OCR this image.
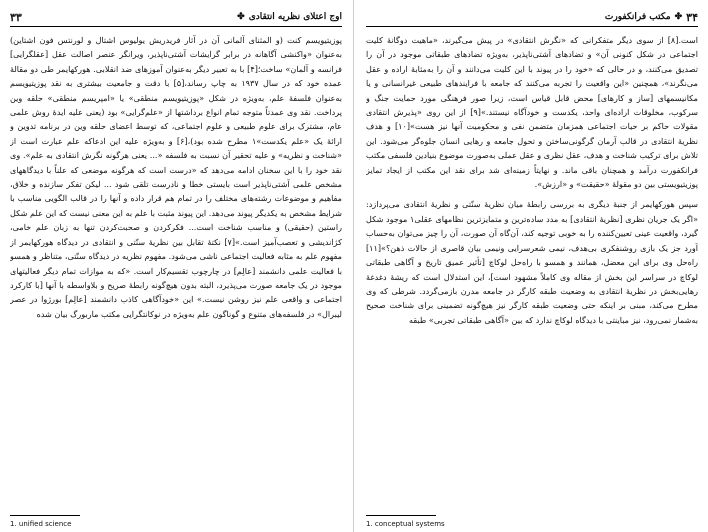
اوج اعتلای نظریه انتقادی
✤
۳۳

پوزیتیویسم کنت (و المثنای آلمانی آن در آثار فریدریش یولیوس اشتال و لورنتس فون اشتاین) به‌عنوان «واکنشی آگاهانه در برابر گرایشات آشتی‌ناپذیر، ویرانگر عنصر اصالت عقل [عقلگرایی] فرانسه و آلمان» ساخت؛[۴] با به تعبیر دیگر به‌عنوان آموزهای ضد انقلابی. هورکهایمر طی دو مقالهٔ عمده خود که در سال ۱۹۳۷ به چاپ رساند،[۵] با دقت و جامعیت بیشتری به نقد پوزیتیویسم به‌عنوان فلسفهٔ علم، به‌ویژه در شکل «پوزیتیویسم منطقی» یا «امپریسم منطقی» حلقه وین پرداخت. نقد وی عمدتاً متوجه تمام انواع برداشتها از «علم‌گرایی» بود (یعنی علیه ایدهٔ روش علمی عام، مشترک برای علوم طبیعی و علوم اجتماعی، که توسط اعضای حلقه وین در برنامه تدوین و ارائهٔ یک «علم یکدست»۱ مطرح شده بود)،[۶] و به‌ویژه علیه این ادعاکه علم عبارت است از «شناخت و نظریه» و علیه تحقیر آن نسبت به فلسفه «... یعنی هرگونه نگرش انتقادی به علم». وی نقد خود را با این سخنان ادامه می‌دهد که «درست است که هرگونه موضعی که علناً با دیدگاههای مشخص علمی آشتی‌ناپذیر است بایستی خطا و نادرست تلقی شود ... لیکن تفکر سازنده و خلاق، مفاهیم و موضوعات رشته‌های مختلف را در تمام هم قرار داده و آنها را در قالب الگویی مناسب با شرایط مشخص به یکدیگر پیوند می‌دهد. این پیوند مثبت با علم به این معنی نیست که این علم شکل راستین (حقیقی) و مناسب شناخت است... فکرکردن و صحبت‌کردن تنها به زبان علم خامی، کژاندیشی و تعصب‌آمیز است.»[۷] نکتهٔ تقابل بین نظریهٔ سنّتی و انتقادی در دیدگاه هورکهایمر از مفهوم علم به مثابه فعالیت اجتماعی ناشی می‌شود. مفهوم نظریه در دیدگاه سنّتی، متناظر و همسو با فعالیت علمی دانشمند [عالِم] در چارچوب تقسیم‌کار است. «که به موازات تمام دیگر فعالیتهای موجود در یک جامعه صورت می‌پذیرد، البته بدون هیچ‌گونه رابطهٔ صریح و بلاواسطه با آنها [با کارکرد اجتماعی و واقعی علم نیز روشن نیست.» این «خودآگاهی کاذب دانشمند [عالِم] بورژوا در عصر لیبرال» در فلسفه‌های متنوع و گوناگون علم به‌ویژه در نوکانتگرایی مکتب ماربورگ بیان شده

1. unified science
۳۴
✤
مکتب فرانکفورت

است.[۸] از سوی دیگر متفکرانی که «نگرش انتقادی» در پیش می‌گیرند، «ماهیت دوگانهٔ کلیت اجتماعی در شکل کنونی آن» و تضادهای آشتی‌ناپذیر، به‌ویژه تضادهای طبقاتی موجود در آن را تصدیق می‌کنند، و در حالی که «خود را در پیوند با این کلیت می‌دانند و آن را به‌مثابهٔ اراده و عقل می‌نگرند»، همچنین «این واقعیت را تجربه می‌کنند که جامعه با فرایندهای طبیعی غیرانسانی و یا مکانیسمهای [ساز و کارهای] محض قابل قیاس است، زیرا صور فرهنگی مورد حمایت جنگ و سرکوب، مخلوقات اراده‌ای واحد، یکدست و خودآگاه نیستند.»[۹] از این روی «پذیرش انتقادی مقولات حاکم بر حیات اجتماعی همزمان متضمن نفی و محکومیت آنها نیز هست»[۱۰] و هدف نظریهٔ انتقادی در قالب آرمان گرگونی‌ساختن و تحول جامعه و رهایی انسان جلوه‌گر می‌شود. این تلاش برای ترکیب شناخت و هدف، عقل نظری و عقل عملی به‌صورت موضوع بنیادین فلسفی مکتب فرانکفورت درآمد و همچنان باقی ماند. و نهایتاً زمینه‌ای شد برای نقد این مکتب از ایجاد تمایز پوزیتیویستی بین دو مقولهٔ «حقیقت» و «ارزش».

سپس هورکهایمر از جنبهٔ دیگری به بررسی رابطهٔ میان نظریهٔ سنّتی و نظریهٔ انتقادی می‌پردازد: «اگر یک جریان نظری [نظریهٔ انتقادی] به مدد ساده‌ترین و متمایزترین نظامهای عقلی۱ موجود شکل گیرد، واقعیت عینی تعیین‌کننده را به خوبی توجیه کند، آن‌گاه آن صورت، آن را چیز می‌توان به‌حساب آورد جز یک بازی روشنفکری بی‌هدف، نیمی شعرسرایی ونیمی بیان قاصری از حالات ذهن؟»[۱۱] راه‌حل وی برای این معضل، همانند و همسو با راه‌حل لوکاچ [تأثیر عمیق تاریخ و آگاهی طبقاتی لوکاچ در سراسر این بخش از مقاله وی کاملاً مشهود است]، این استدلال است که ریشهٔ دغدغهٔ رهایی‌بخش در نظریهٔ انتقادی به وضعیت طبقه کارگر در جامعه مدرن بازمی‌گردد. شرطی که وی مطرح می‌کند، مبنی بر اینکه حتی وضعیت طبقه کارگر نیز هیچ‌گونه تضمینی برای شناخت صحیح به‌شمار نمی‌رود، نیز مباینتی با دیدگاه لوکاچ ندارد که بین «آگاهی طبقاتی تجربی» طبقه

1. conceptual systems
